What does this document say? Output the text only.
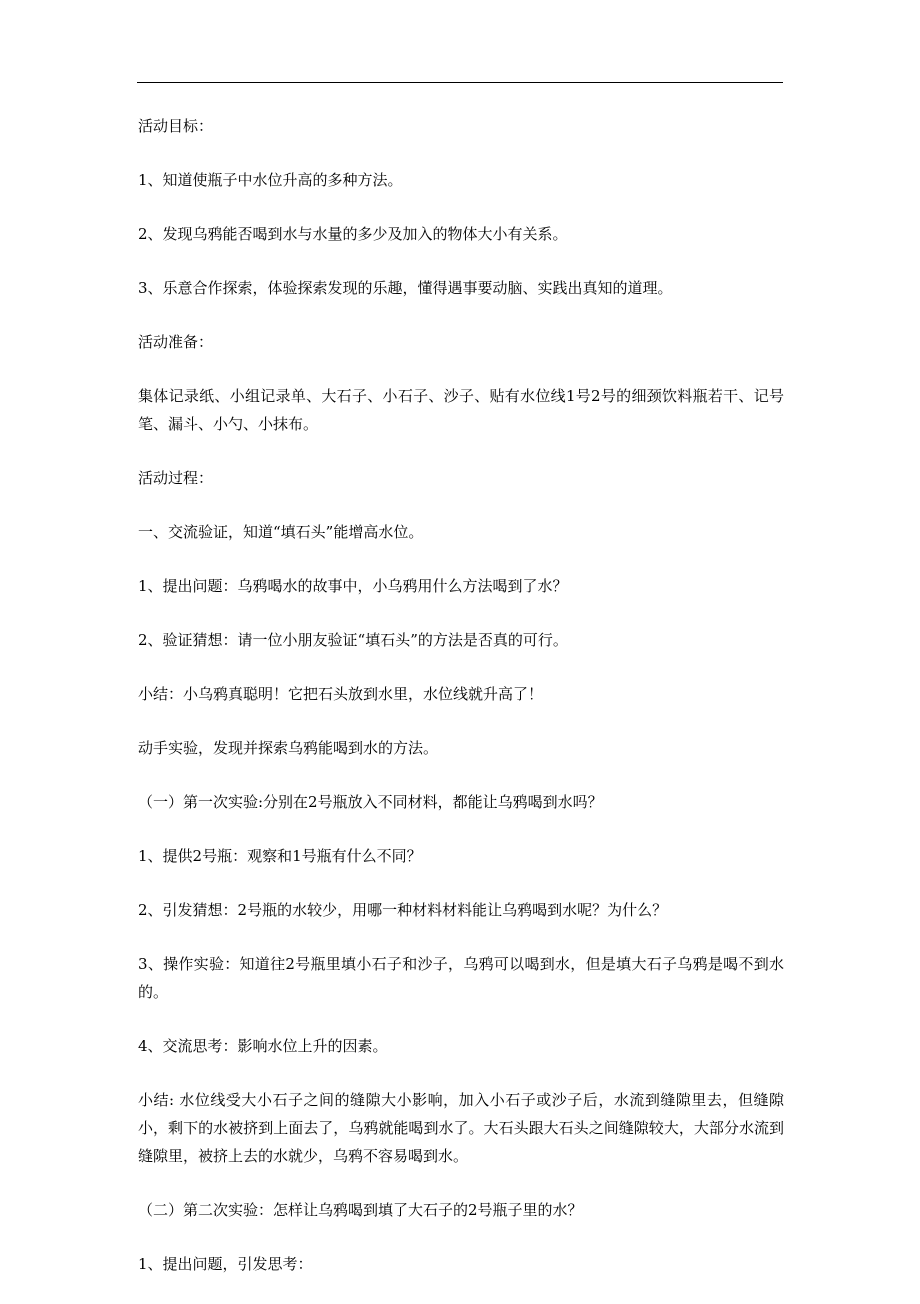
活动目标：

1、知道使瓶子中水位升高的多种方法。

2、发现乌鸦能否喝到水与水量的多少及加入的物体大小有关系。

3、乐意合作探索，体验探索发现的乐趣，懂得遇事要动脑、实践出真知的道理。

活动准备：

集体记录纸、小组记录单、大石子、小石子、沙子、贴有水位线1号2号的细颈饮料瓶若干、记号笔、漏斗、小勺、小抹布。

活动过程：

一、交流验证，知道“填石头”能增高水位。

1、提出问题：乌鸦喝水的故事中，小乌鸦用什么方法喝到了水？

2、验证猜想：请一位小朋友验证“填石头”的方法是否真的可行。

小结：小乌鸦真聪明！它把石头放到水里，水位线就升高了！

动手实验，发现并探索乌鸦能喝到水的方法。

（一）第一次实验:分别在2号瓶放入不同材料，都能让乌鸦喝到水吗？

1、提供2号瓶：观察和1号瓶有什么不同？

2、引发猜想：2号瓶的水较少，用哪一种材料材料能让乌鸦喝到水呢？为什么？

3、操作实验：知道往2号瓶里填小石子和沙子，乌鸦可以喝到水，但是填大石子乌鸦是喝不到水的。

4、交流思考：影响水位上升的因素。

小结: 水位线受大小石子之间的缝隙大小影响，加入小石子或沙子后，水流到缝隙里去，但缝隙小，剩下的水被挤到上面去了，乌鸦就能喝到水了。大石头跟大石头之间缝隙较大，大部分水流到缝隙里，被挤上去的水就少，乌鸦不容易喝到水。

（二）第二次实验：怎样让乌鸦喝到填了大石子的2号瓶子里的水？

1、提出问题，引发思考：
